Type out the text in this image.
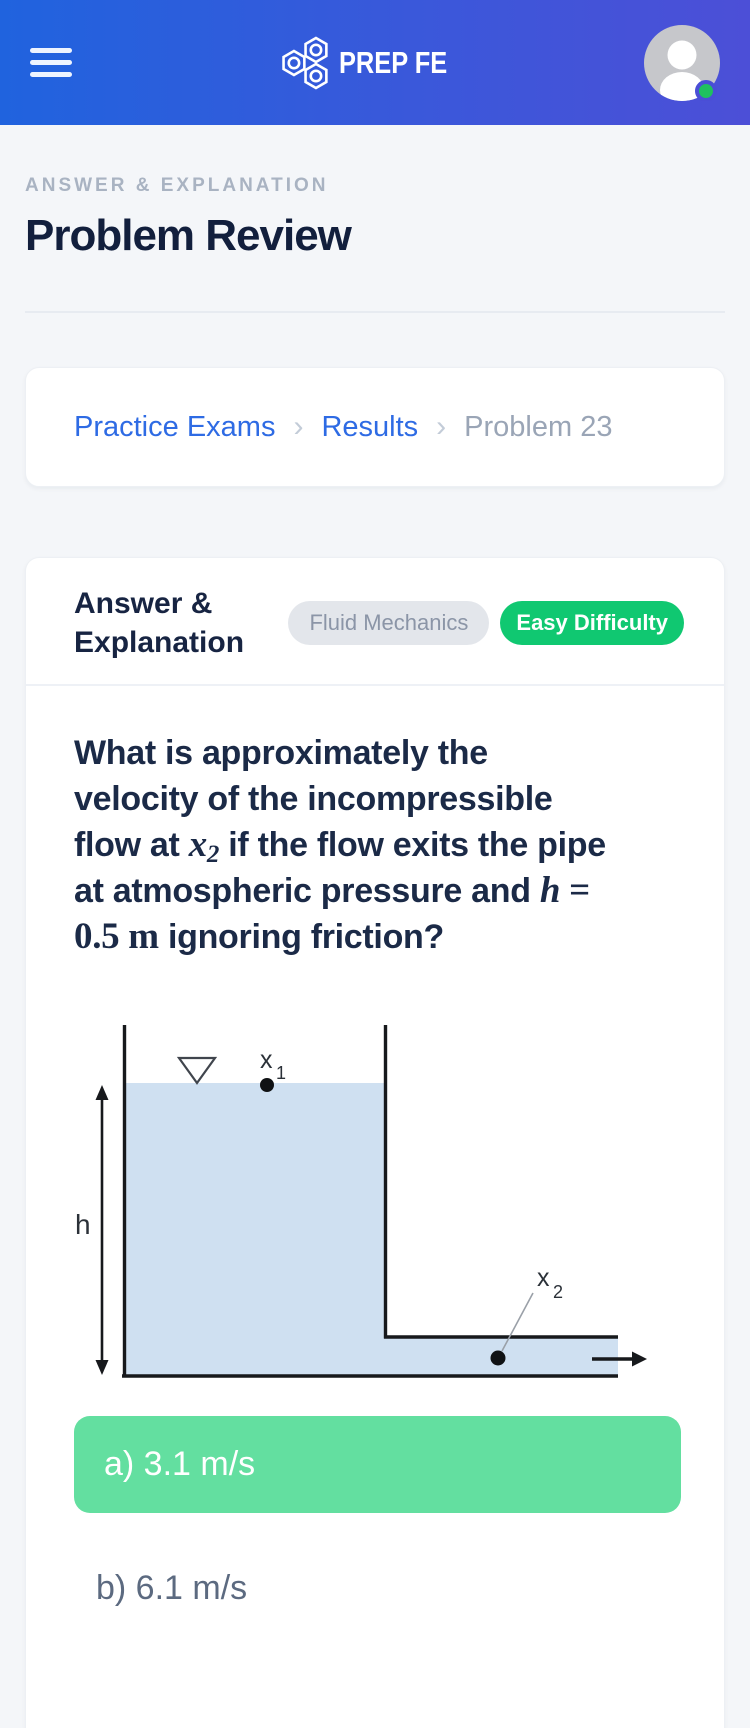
PREP FE
ANSWER & EXPLANATION
Problem Review
Practice Exams › Results › Problem 23
Answer & Explanation
Fluid Mechanics	Easy Difficulty

What is approximately the velocity of the incompressible flow at $x_2$ if the flow exits the pipe at atmospheric pressure and h = 0.5 m ignoring friction?

x 1
h
x 2
a) 3.1 m/s
b) 6.1 m/s
